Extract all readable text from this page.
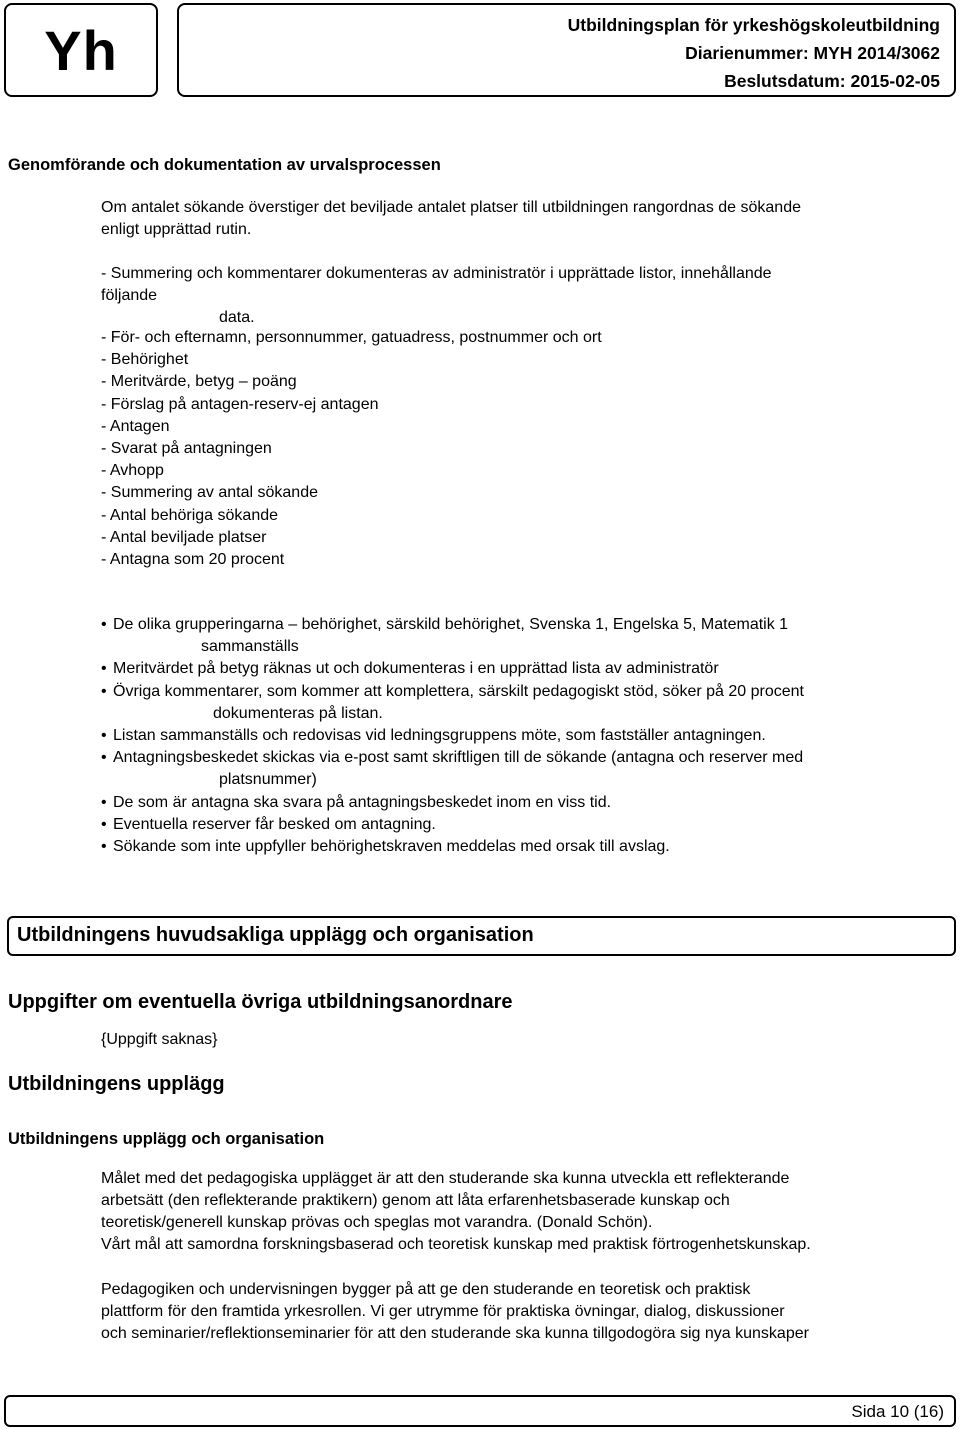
Yh	Utbildningsplan för yrkeshögskoleutbildning
Diarienummer: MYH 2014/3062
Beslutsdatum: 2015-02-05
Genomförande och dokumentation av urvalsprocessen

Om antalet sökande överstiger det beviljade antalet platser till utbildningen rangordnas de sökande

enligt upprättad rutin.

- Summering och kommentarer dokumenteras av administratör i upprättade listor, innehållande

följande

data.

- För- och efternamn, personnummer, gatuadress, postnummer och ort
- Behörighet
- Meritvärde, betyg – poäng
- Förslag på antagen-reserv-ej antagen
- Antagen
- Svarat på antagningen
- Avhopp
- Summering av antal sökande
- Antal behöriga sökande
- Antal beviljade platser
- Antagna som 20 procent
• De olika grupperingarna – behörighet, särskild behörighet, Svenska 1, Engelska 5, Matematik 1
sammanställs
• Meritvärdet på betyg räknas ut och dokumenteras i en upprättad lista av administratör
• Övriga kommentarer, som kommer att komplettera, särskilt pedagogiskt stöd, söker på 20 procent
dokumenteras på listan.
• Listan sammanställs och redovisas vid ledningsgruppens möte, som fastställer antagningen.
• Antagningsbeskedet skickas via e-post samt skriftligen till de sökande (antagna och reserver med
platsnummer)
• De som är antagna ska svara på antagningsbeskedet inom en viss tid.
• Eventuella reserver får besked om antagning.
• Sökande som inte uppfyller behörighetskraven meddelas med orsak till avslag.
Utbildningens huvudsakliga upplägg och organisation
Uppgifter om eventuella övriga utbildningsanordnare
{Uppgift saknas}
Utbildningens upplägg
Utbildningens upplägg och organisation

Målet med det pedagogiska upplägget är att den studerande ska kunna utveckla ett reflekterande

arbetsätt (den reflekterande praktikern) genom att låta erfarenhetsbaserade kunskap och

teoretisk/generell kunskap prövas och speglas mot varandra. (Donald Schön).

Vårt mål att samordna forskningsbaserad och teoretisk kunskap med praktisk förtrogenhetskunskap.

Pedagogiken och undervisningen bygger på att ge den studerande en teoretisk och praktisk

plattform för den framtida yrkesrollen. Vi ger utrymme för praktiska övningar, dialog, diskussioner

och seminarier/reflektionseminarier för att den studerande ska kunna tillgodogöra sig nya kunskaper

Sida 10 (16)
